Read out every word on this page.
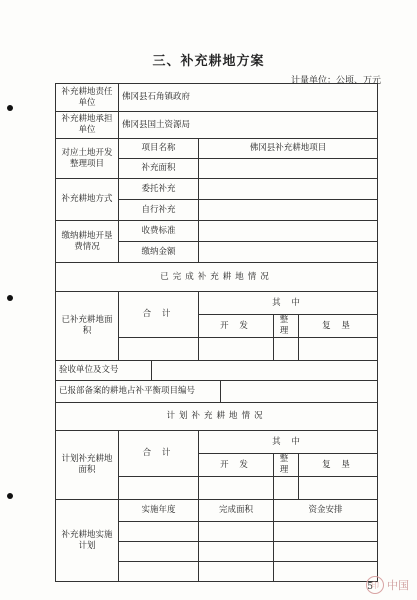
三、补充耕地方案
计量单位：公顷、万元
补充耕地责任单位	佛冈县石角镇政府					
补充耕地承担单位	佛冈县国土资源局					
对应土地开发整理项目	项目名称		佛冈县补充耕地项目			
	补充面积					
补充耕地方式	委托补充					
	自行补充					
缴纳耕地开垦费情况	收费标准					
	缴纳金额					
已完成补充耕地情况						
已补充耕地面积	合 计		其 中			
			开 发		整 理	复 垦

验收单位及文号						
已报部备案的耕地占补平衡项目编号						
计划补充耕地情况						
计划补充耕地面积	合 计		其 中			
			开 发		整 理	复 垦

补充耕地实施计划	实施年度		完成面积		资金安排	

5
印 中国
